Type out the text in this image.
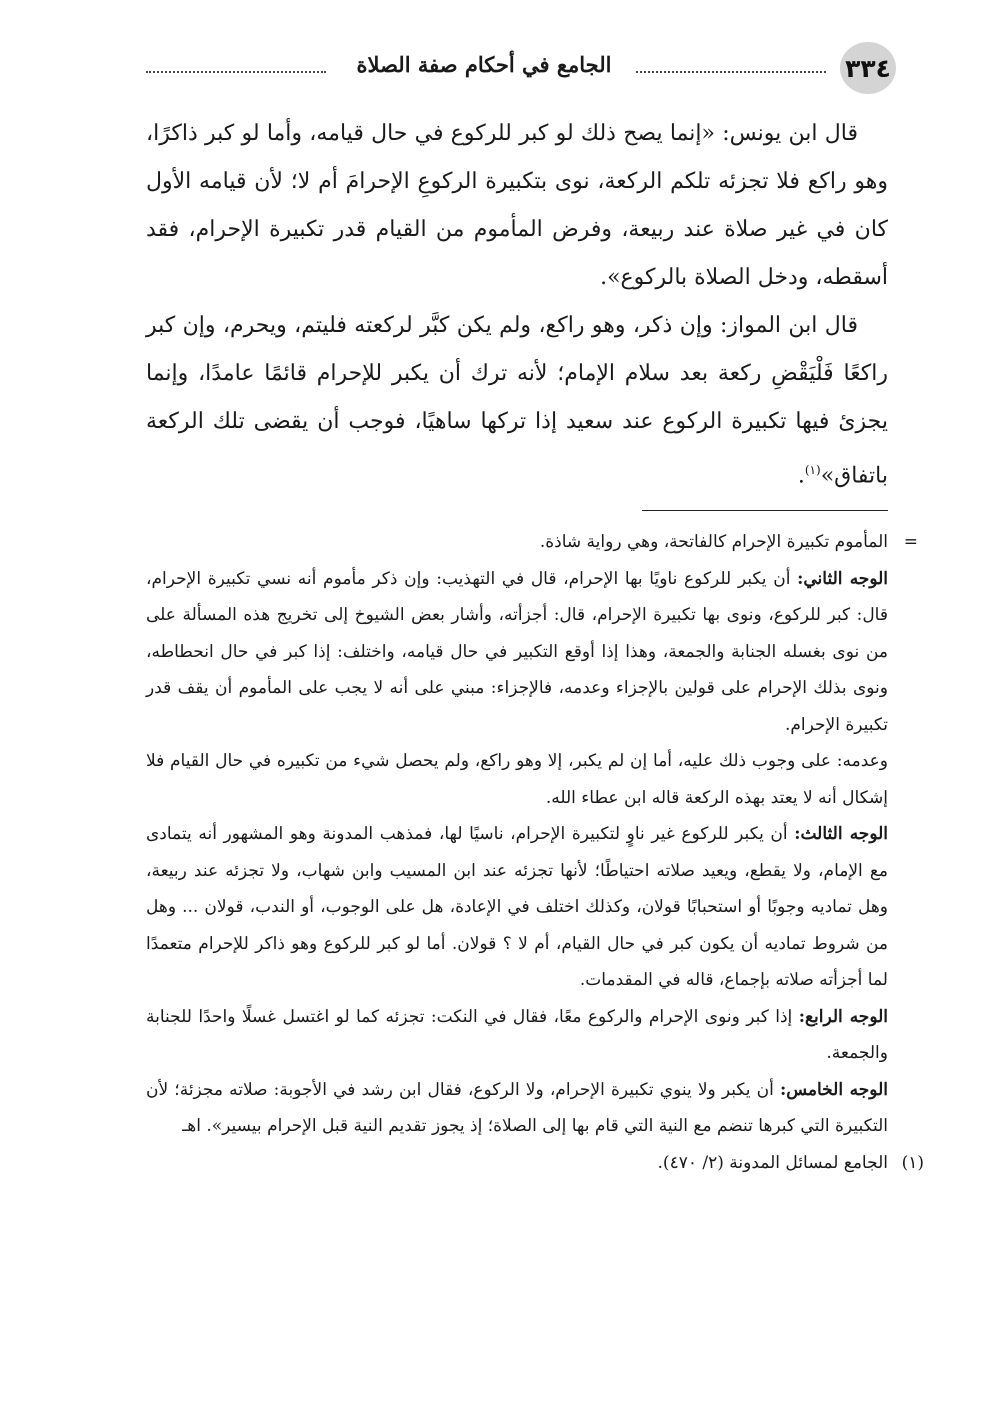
٣٣٤
الجامع في أحكام صفة الصلاة

قال ابن يونس: «إنما يصح ذلك لو كبر للركوع في حال قيامه، وأما لو كبر ذاكرًا، وهو راكع فلا تجزئه تلكم الركعة، نوى بتكبيرة الركوعِ الإحرامَ أم لا؛ لأن قيامه الأول كان في غير صلاة عند ربيعة، وفرض المأموم من القيام قدر تكبيرة الإحرام، فقد أسقطه، ودخل الصلاة بالركوع».

قال ابن المواز: وإن ذكر، وهو راكع، ولم يكن كبَّر لركعته فليتم، ويحرم، وإن كبر راكعًا فَلْيَقْضِ ركعة بعد سلام الإمام؛ لأنه ترك أن يكبر للإحرام قائمًا عامدًا، وإنما يجزئ فيها تكبيرة الركوع عند سعيد إذا تركها ساهيًا، فوجب أن يقضى تلك الركعة باتفاق»$^{(١)}$.

=
المأموم تكبيرة الإحرام كالفاتحة، وهي رواية شاذة.

الوجه الثاني: أن يكبر للركوع ناويًا بها الإحرام، قال في التهذيب: وإن ذكر مأموم أنه نسي تكبيرة الإحرام، قال: كبر للركوع، ونوى بها تكبيرة الإحرام، قال: أجزأته، وأشار بعض الشيوخ إلى تخريج هذه المسألة على من نوى بغسله الجنابة والجمعة، وهذا إذا أوقع التكبير في حال قيامه، واختلف: إذا كبر في حال انحطاطه، ونوى بذلك الإحرام على قولين بالإجزاء وعدمه، فالإجزاء: مبني على أنه لا يجب على المأموم أن يقف قدر تكبيرة الإحرام.

وعدمه: على وجوب ذلك عليه، أما إن لم يكبر، إلا وهو راكع، ولم يحصل شيء من تكبيره في حال القيام فلا إشكال أنه لا يعتد بهذه الركعة قاله ابن عطاء الله.

الوجه الثالث: أن يكبر للركوع غير ناوٍ لتكبيرة الإحرام، ناسيًا لها، فمذهب المدونة وهو المشهور أنه يتمادى مع الإمام، ولا يقطع، ويعيد صلاته احتياطًا؛ لأنها تجزئه عند ابن المسيب وابن شهاب، ولا تجزئه عند ربيعة، وهل تماديه وجوبًا أو استحبابًا قولان، وكذلك اختلف في الإعادة، هل على الوجوب، أو الندب، قولان ... وهل من شروط تماديه أن يكون كبر في حال القيام، أم لا ؟ قولان. أما لو كبر للركوع وهو ذاكر للإحرام متعمدًا لما أجزأته صلاته بإجماع، قاله في المقدمات.

الوجه الرابع: إذا كبر ونوى الإحرام والركوع معًا، فقال في النكت: تجزئه كما لو اغتسل غسلًا واحدًا للجنابة والجمعة.

الوجه الخامس: أن يكبر ولا ينوي تكبيرة الإحرام، ولا الركوع، فقال ابن رشد في الأجوبة: صلاته مجزئة؛ لأن التكبيرة التي كبرها تنضم مع النية التي قام بها إلى الصلاة؛ إذ يجوز تقديم النية قبل الإحرام بيسير». اهـ

(١)
الجامع لمسائل المدونة (٢/ ٤٧٠).
